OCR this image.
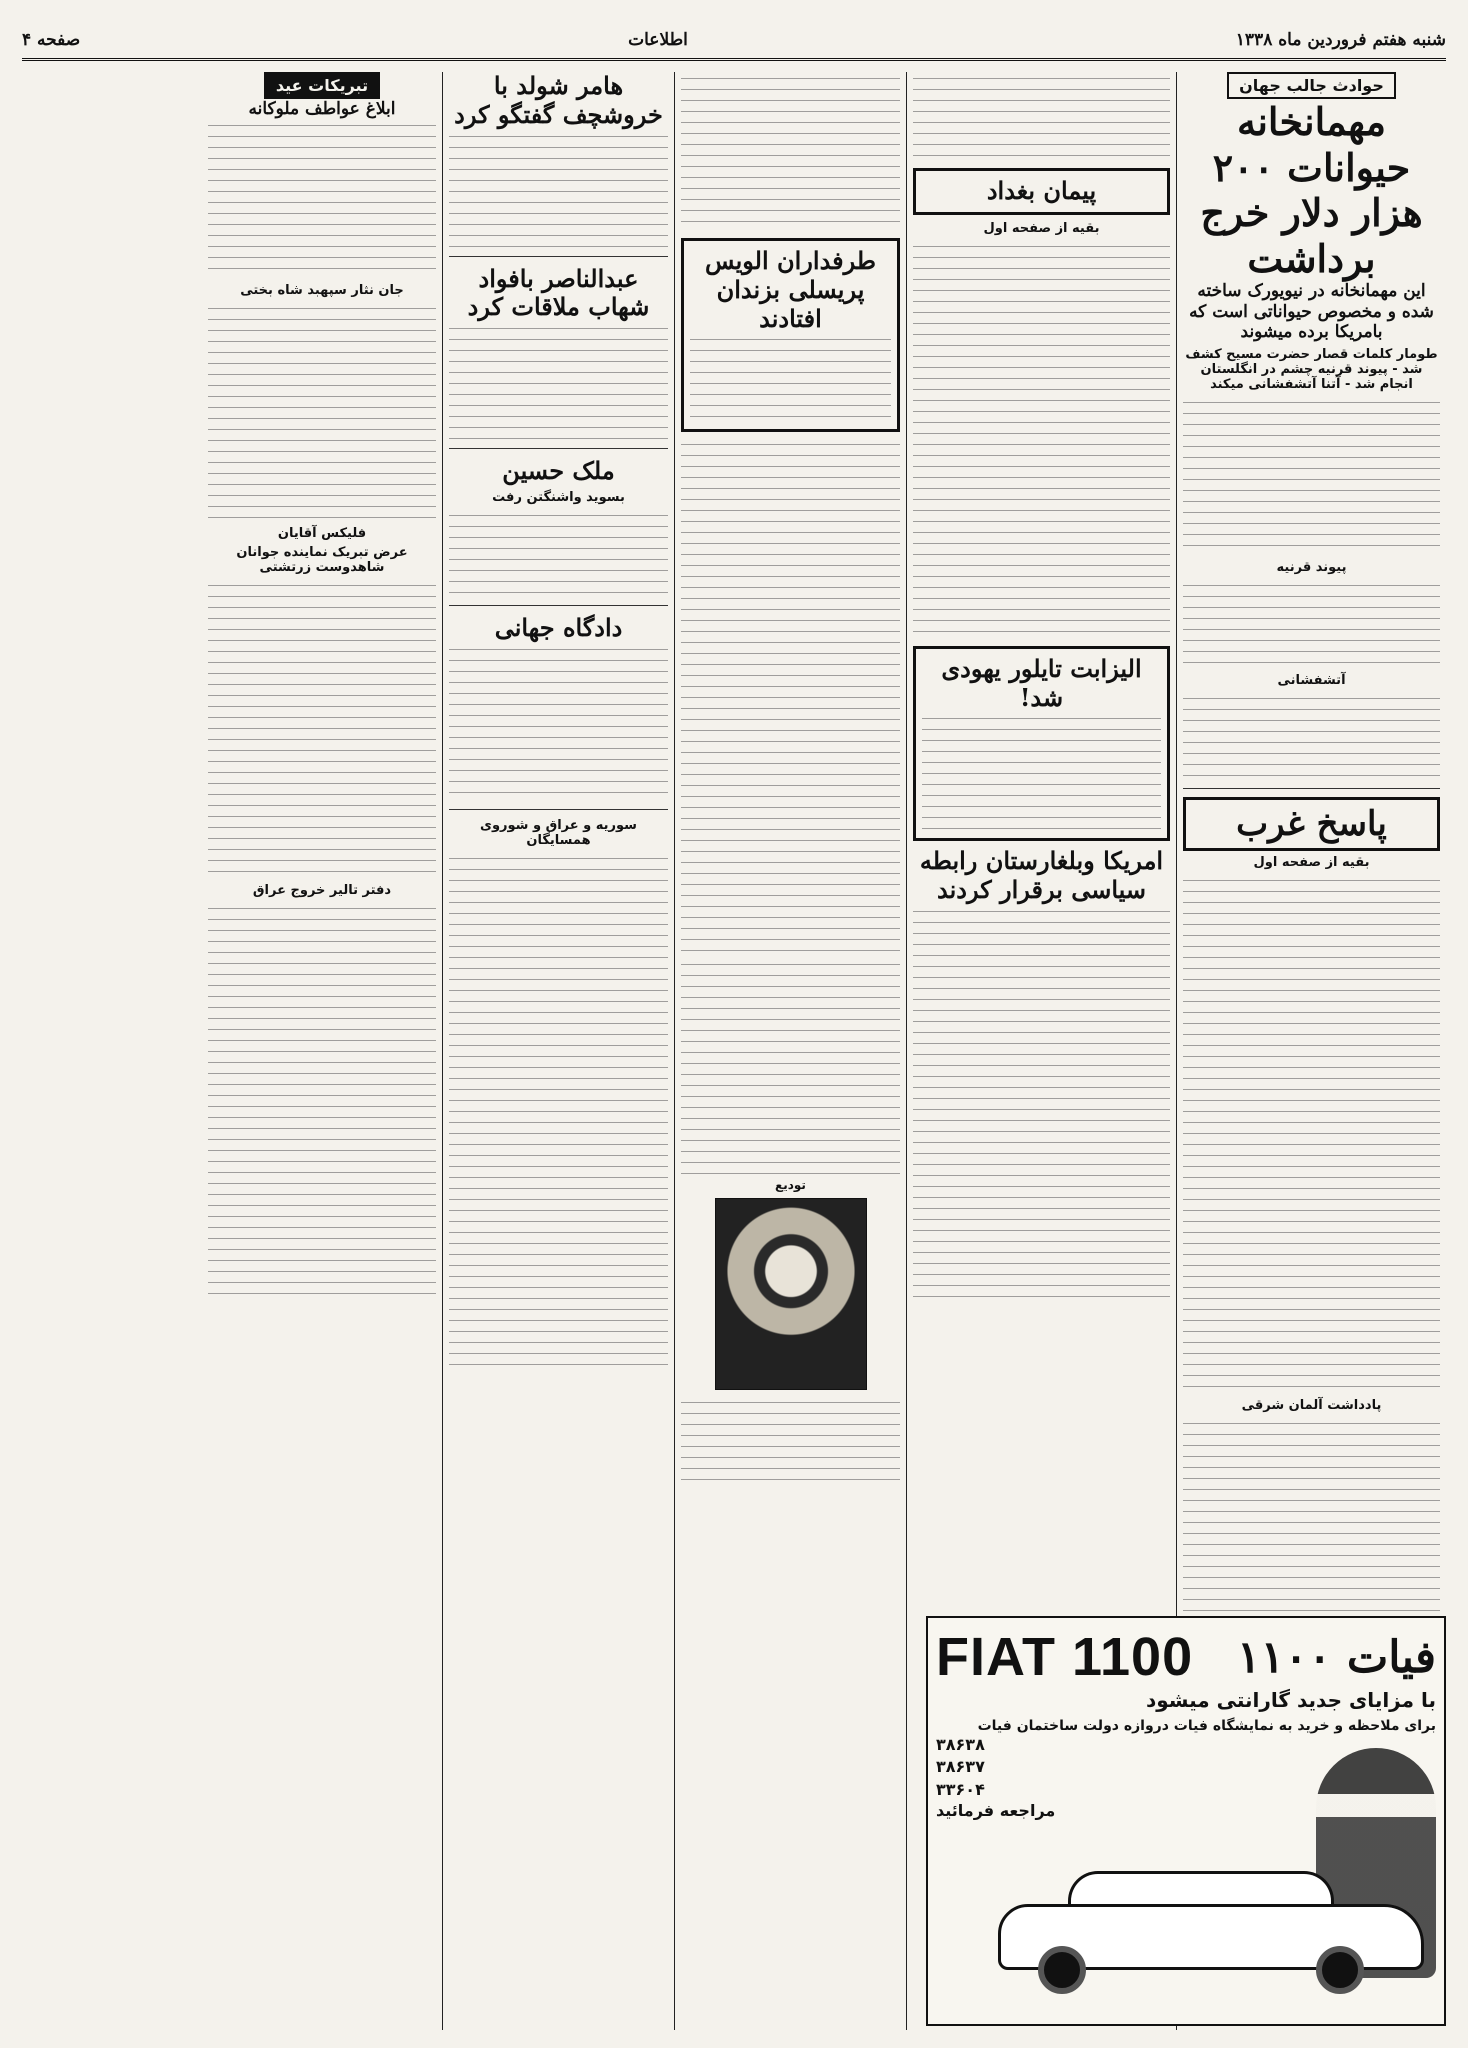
صفحه ۴	اطلاعات	شنبه هفتم فروردین ماه ۱۳۳۸
حوادث جالب جهان
مهمانخانه حیوانات ۲۰۰ هزار دلار خرج برداشت
این مهمانخانه در نیویورک ساخته شده و مخصوص حیواناتی است که بامریکا برده میشوند
طومار کلمات قصار حضرت مسیح کشف شد - پیوند قرنیه چشم در انگلستان انجام شد - آتنا آتشفشانی میکند
پیوند قرنیه
آتشفشانی
پاسخ غرب
بقیه از صفحه اول
پادداشت آلمان شرقی
پیمان بغداد
بقیه از صفحه اول
الیزابت تایلور یهودی شد!
امریکا وبلغارستان رابطه سیاسی برقرار کردند
طرفداران الویس پریسلی بزندان افتادند
تودیع
هامر شولد با خروشچف گفتگو کرد
عبدالناصر بافواد شهاب ملاقات کرد
ملک حسین
بسوید واشنگتن رفت
دادگاه جهانی
سوریه و عراق و شوروی همسایگان
تبریکات عید
ابلاغ عواطف ملوکانه
جان نثار سپهبد شاه بختی
فلیکس آقایان
عرض تبریک نماینده جوانان شاهدوست زرتشتی
دفتر تالیر خروج عراق
FIAT 1100 فیات ۱۱۰۰
با مزایای جدید گارانتی میشود
برای ملاحظه و خرید به نمایشگاه فیات دروازه دولت ساختمان فیات
۳۸۶۳۸
۳۸۶۳۷
۳۳۶۰۴
مراجعه فرمائید
